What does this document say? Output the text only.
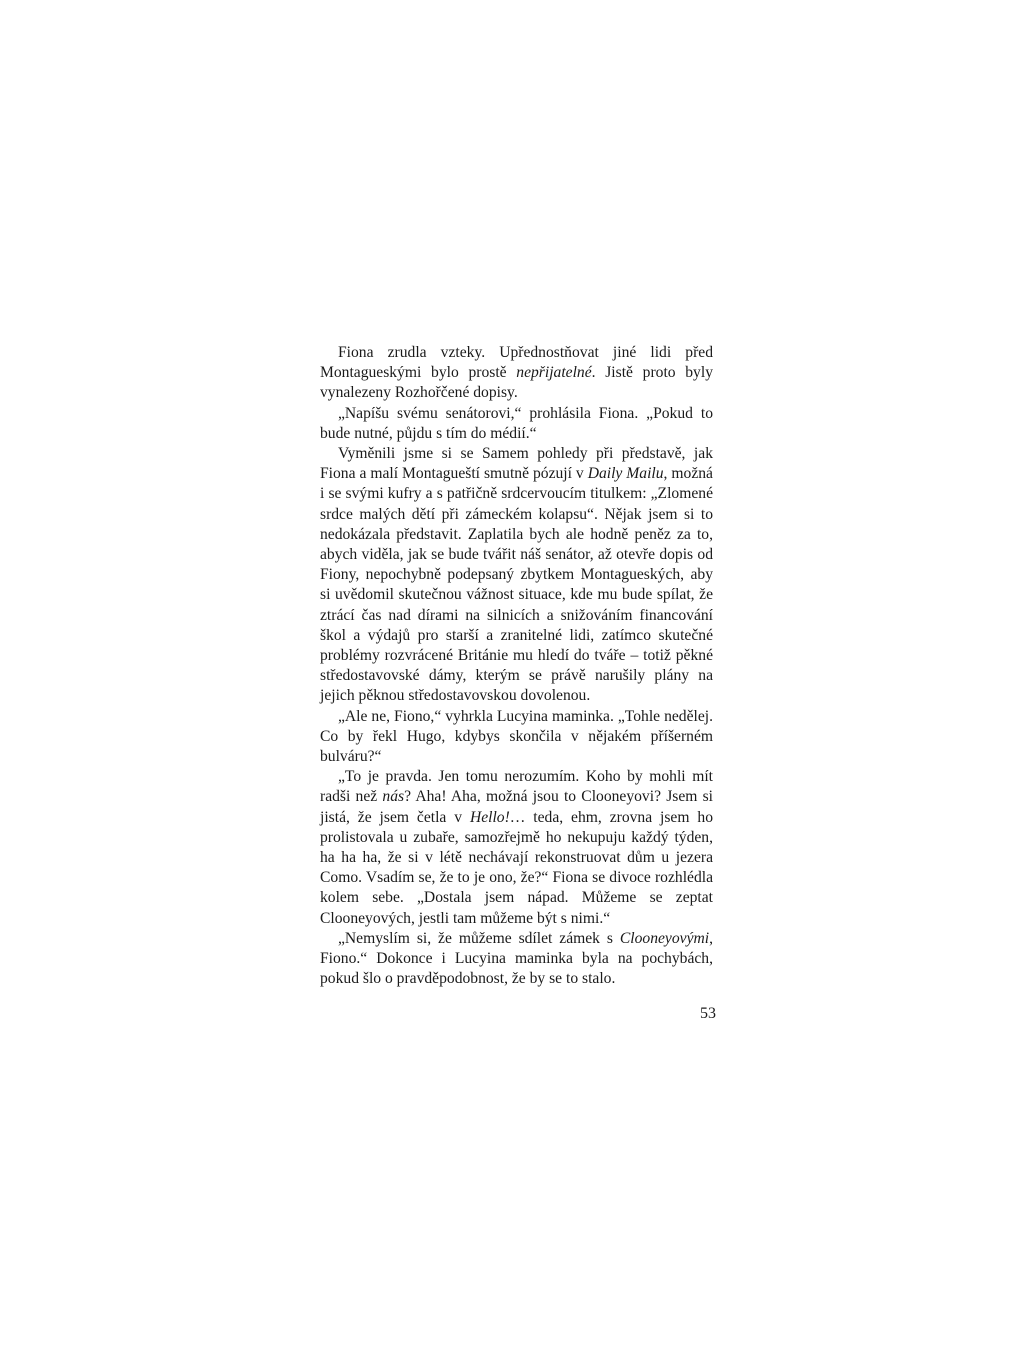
Fiona zrudla vzteky. Upřednostňovat jiné lidi před Montagueskými bylo prostě nepřijatelné. Jistě proto byly vynalezeny Rozhořčené dopisy.

„Napíšu svému senátorovi,“ prohlásila Fiona. „Pokud to bude nutné, půjdu s tím do médií.“

Vyměnili jsme si se Samem pohledy při představě, jak Fiona a malí Montagueští smutně pózují v Daily Mailu, možná i se svými kufry a s patřičně srdcervoucím titulkem: „Zlomené srdce malých dětí při zámeckém kolapsu“. Nějak jsem si to nedokázala představit. Zaplatila bych ale hodně peněz za to, abych viděla, jak se bude tvářit náš senátor, až otevře dopis od Fiony, nepochybně podepsaný zbytkem Montagueských, aby si uvědomil skutečnou vážnost situace, kde mu bude spílat, že ztrácí čas nad dírami na silnicích a snižováním financování škol a výdajů pro starší a zranitelné lidi, zatímco skutečné problémy rozvrácené Británie mu hledí do tváře – totiž pěkné středostavovské dámy, kterým se právě narušily plány na jejich pěknou středostavovskou dovolenou.

„Ale ne, Fiono,“ vyhrkla Lucyina maminka. „Tohle nedělej. Co by řekl Hugo, kdybys skončila v nějakém příšerném bulváru?“

„To je pravda. Jen tomu nerozumím. Koho by mohli mít radši než nás? Aha! Aha, možná jsou to Clooneyovi? Jsem si jistá, že jsem četla v Hello!… teda, ehm, zrovna jsem ho prolistovala u zubaře, samozřejmě ho nekupuju každý týden, ha ha ha, že si v létě nechávají rekonstruovat dům u jezera Como. Vsadím se, že to je ono, že?“ Fiona se divoce rozhlédla kolem sebe. „Dostala jsem nápad. Můžeme se zeptat Clooneyových, jestli tam můžeme být s nimi.“

„Nemyslím si, že můžeme sdílet zámek s Clooneyovými, Fiono.“ Dokonce i Lucyina maminka byla na pochybách, pokud šlo o pravděpodobnost, že by se to stalo.

53
